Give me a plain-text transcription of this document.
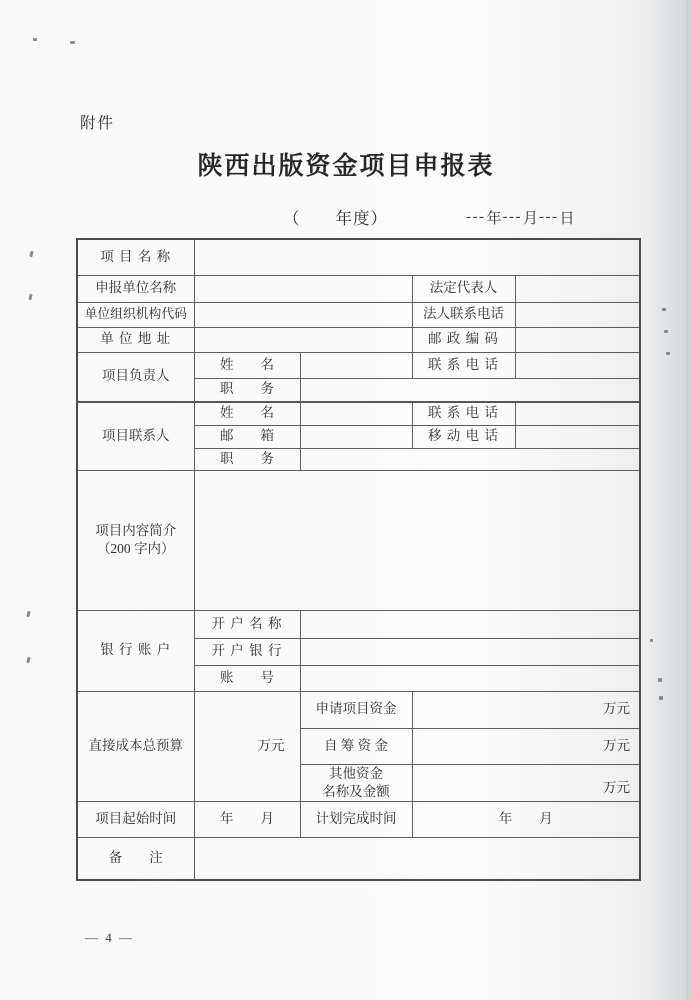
附件
陕西出版资金项目申报表
（　　年度）	---年---月---日
项 目 名 称				
申报单位名称			法定代表人	
单位组织机构代码			法人联系电话	
单 位 地 址			邮 政 编 码	
项目负责人	姓　　名		联 系 电 话	
	职　　务			
项目联系人	姓　　名		联 系 电 话	
	邮　　箱		移 动 电 话	
	职　　务			

项目内容简介
（200 字内）				

银 行 账 户	开 户 名 称			
	开 户 银 行			
	账　　号			
直接成本总预算	万元	申请项目资金	万元	
		自 筹 资 金	万元	

		其他资金
名称及金额	万元	
项目起始时间	年　　月	计划完成时间	年　　月	
备　　注				
— 4 —
